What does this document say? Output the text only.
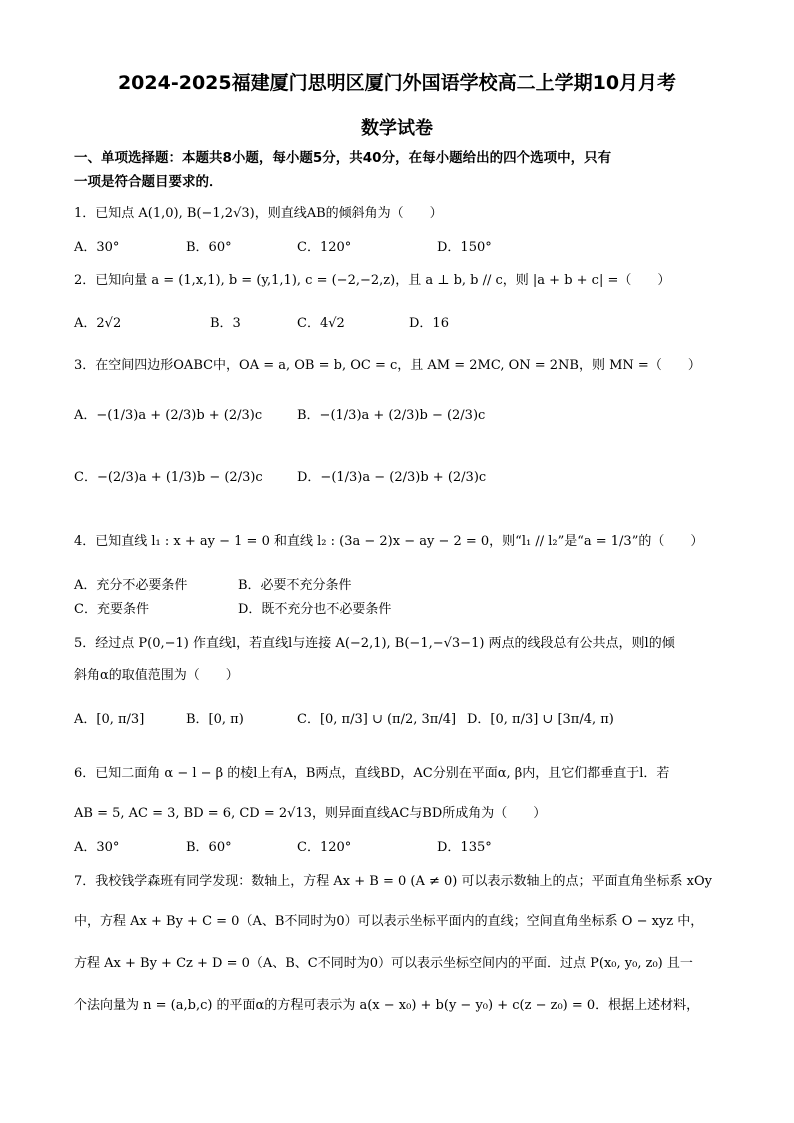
2024-2025福建厦门思明区厦门外国语学校高二上学期10月月考
数学试卷
一、单项选择题：本题共8小题，每小题5分，共40分，在每小题给出的四个选项中，只有
一项是符合题目要求的．
1．已知点 A(1,0), B(−1,2√3)，则直线AB的倾斜角为（　　）
A．30°	B．60°	C．120°	D．150°
2．已知向量 a = (1,x,1), b = (y,1,1), c = (−2,−2,z)，且 a ⊥ b, b // c，则 |a + b + c| =（　　）
A．2√2	B．3	C．4√2	D．16
3．在空间四边形OABC中，OA = a, OB = b, OC = c，且 AM = 2MC, ON = 2NB，则 MN =（　　）
A．−(1/3)a + (2/3)b + (2/3)c	B．−(1/3)a + (2/3)b − (2/3)c
C．−(2/3)a + (1/3)b − (2/3)c	D．−(1/3)a − (2/3)b + (2/3)c
4．已知直线 l₁ : x + ay − 1 = 0 和直线 l₂ : (3a − 2)x − ay − 2 = 0，则“l₁ // l₂”是“a = 1/3”的（　　）
A．充分不必要条件	B．必要不充分条件
C．充要条件	D．既不充分也不必要条件
5．经过点 P(0,−1) 作直线l，若直线l与连接 A(−2,1), B(−1,−√3−1) 两点的线段总有公共点，则l的倾
斜角α的取值范围为（　　）
A．[0, π/3]	B．[0, π)	C．[0, π/3] ∪ (π/2, 3π/4] D．[0, π/3] ∪ [3π/4, π)
6．已知二面角 α − l − β 的棱l上有A，B两点，直线BD，AC分别在平面α, β内，且它们都垂直于l．若
AB = 5, AC = 3, BD = 6, CD = 2√13，则异面直线AC与BD所成角为（　　）
A．30°	B．60°	C．120°	D．135°
7．我校钱学森班有同学发现：数轴上，方程 Ax + B = 0 (A ≠ 0) 可以表示数轴上的点；平面直角坐标系 xOy
中，方程 Ax + By + C = 0（A、B不同时为0）可以表示坐标平面内的直线；空间直角坐标系 O − xyz 中，
方程 Ax + By + Cz + D = 0（A、B、C不同时为0）可以表示坐标空间内的平面．过点 P(x₀, y₀, z₀) 且一
个法向量为 n = (a,b,c) 的平面α的方程可表示为 a(x − x₀) + b(y − y₀) + c(z − z₀) = 0．根据上述材料，
